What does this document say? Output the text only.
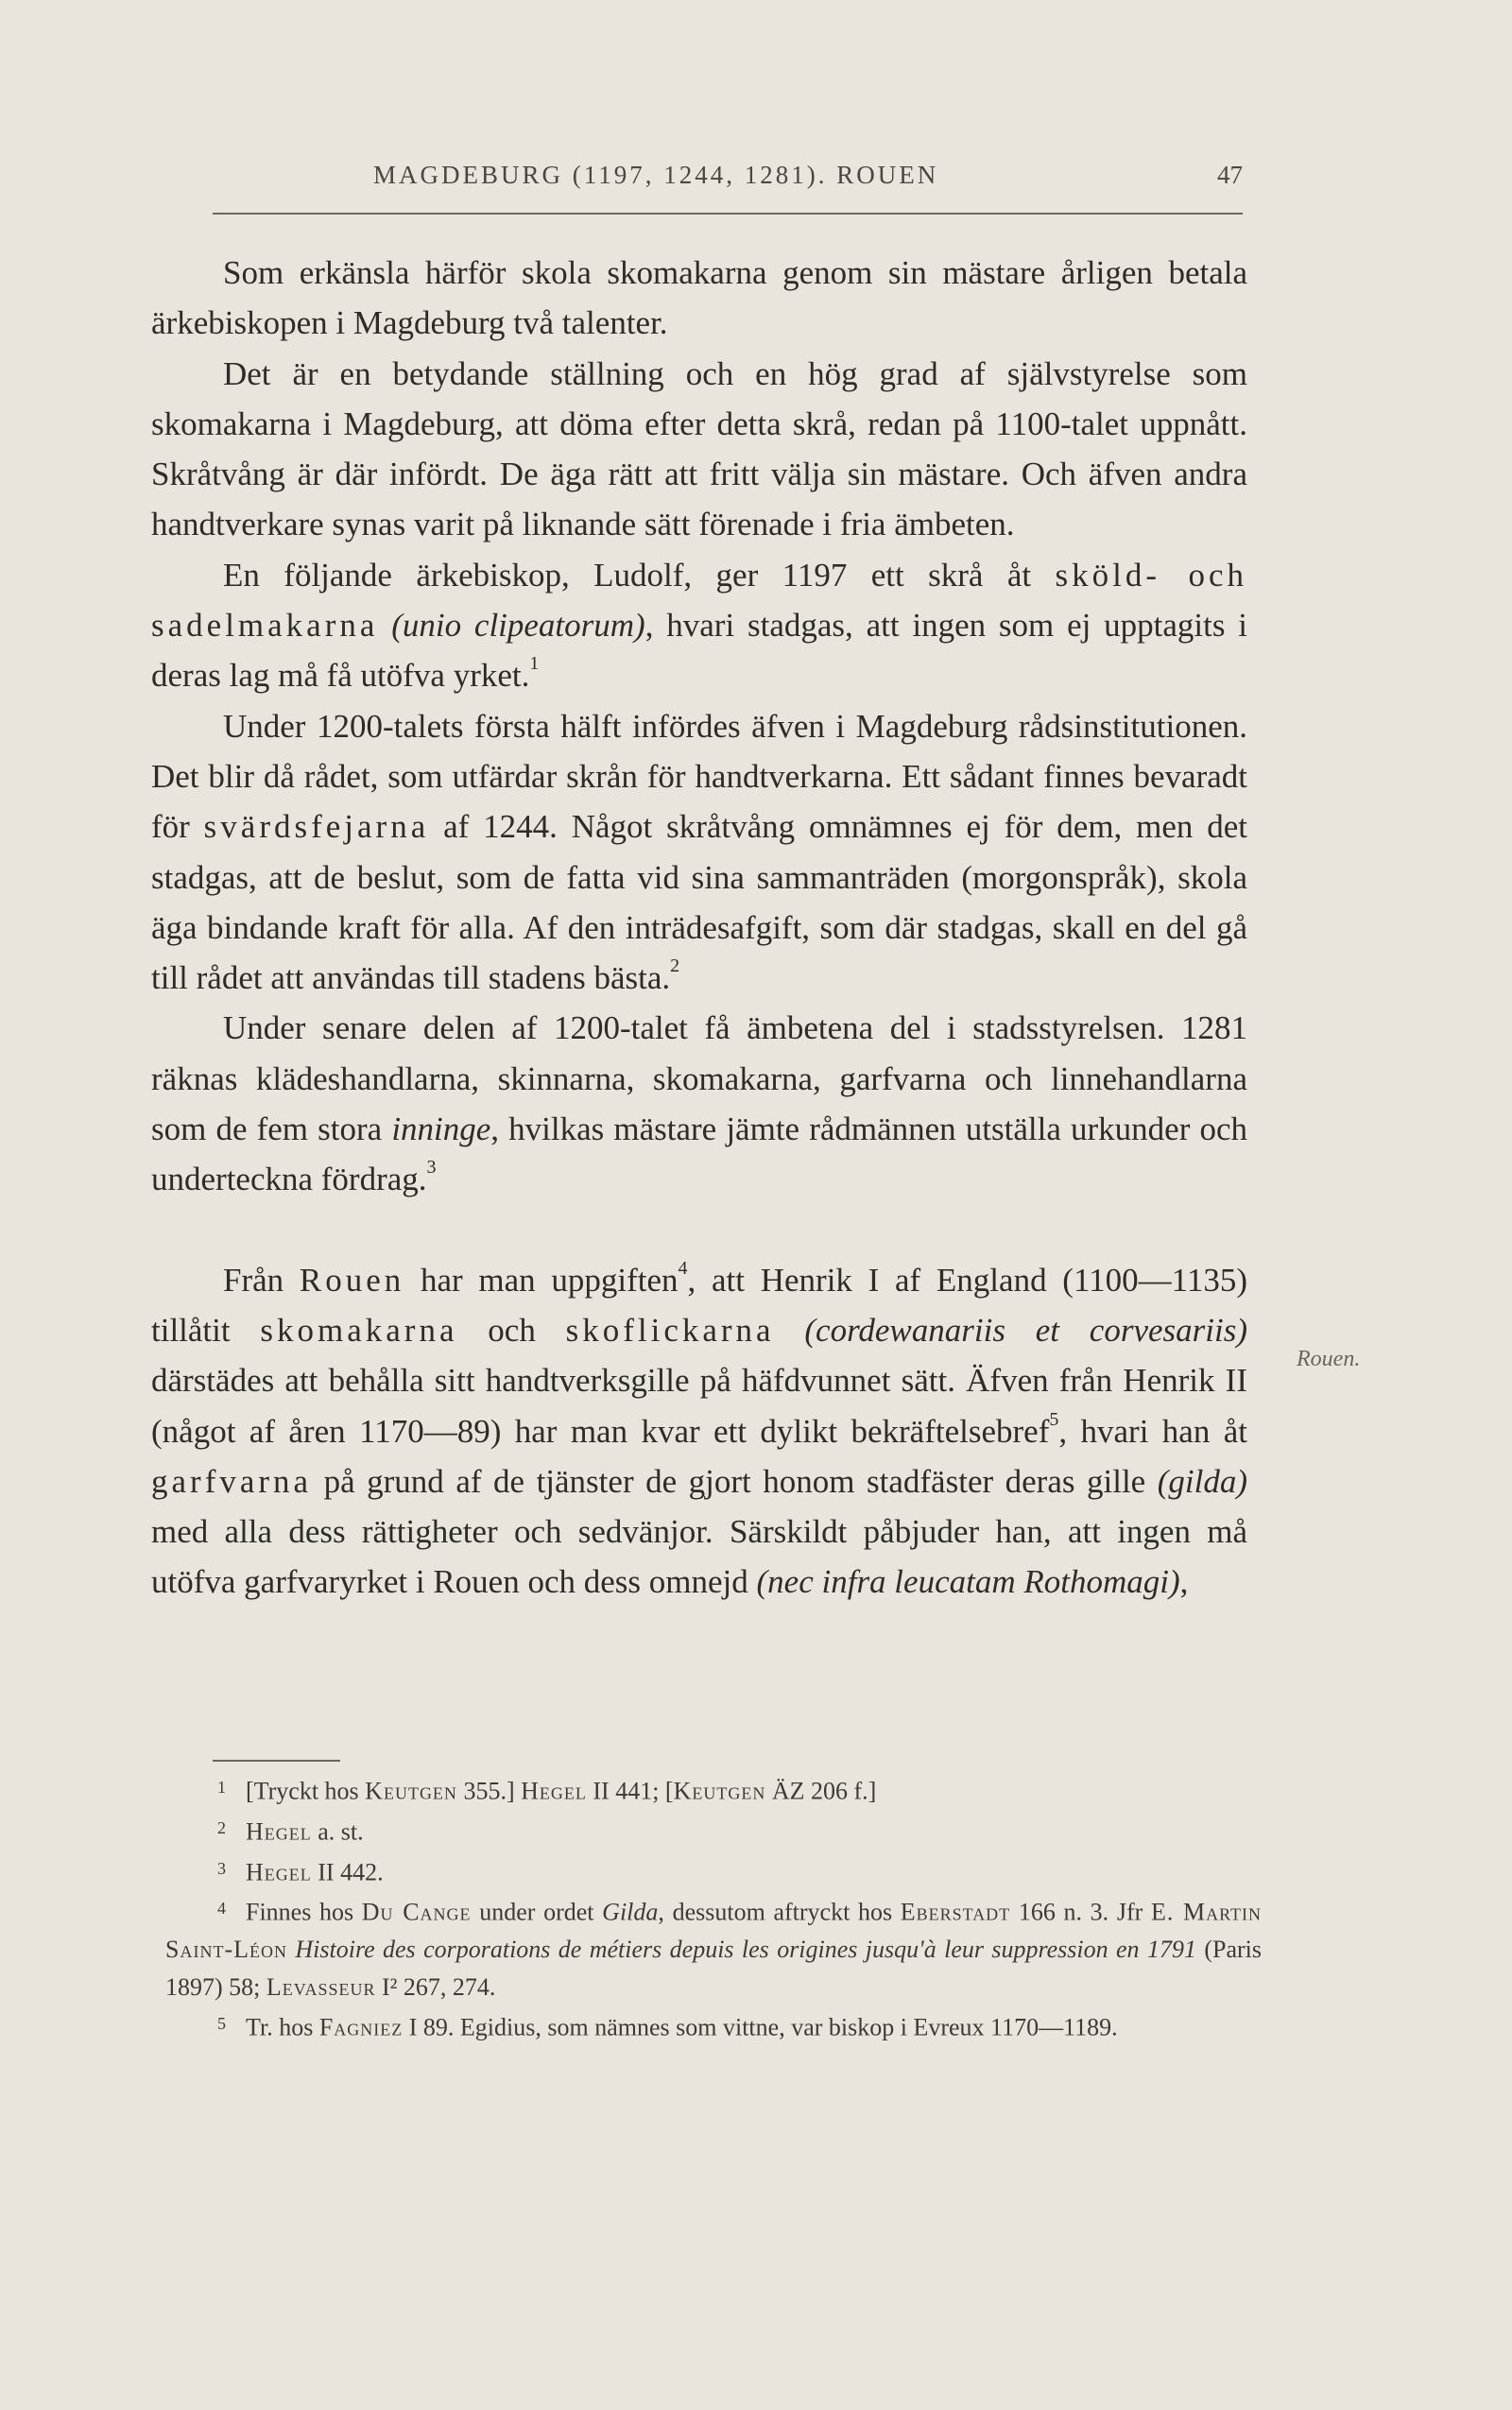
MAGDEBURG (1197, 1244, 1281). ROUEN	47
Rouen.

Som erkänsla härför skola skomakarna genom sin mästare årligen betala ärkebiskopen i Magdeburg två talenter.

Det är en betydande ställning och en hög grad af självstyrelse som skomakarna i Magdeburg, att döma efter detta skrå, redan på 1100-talet uppnått. Skråtvång är där infördt. De äga rätt att fritt välja sin mästare. Och äfven andra handtverkare synas varit på liknande sätt förenade i fria ämbeten.

En följande ärkebiskop, Ludolf, ger 1197 ett skrå åt sköld- och sadelmakarna (unio clipeatorum), hvari stadgas, att ingen som ej upptagits i deras lag må få utöfva yrket.$^1$

Under 1200-talets första hälft infördes äfven i Magdeburg rådsinstitutionen. Det blir då rådet, som utfärdar skrån för handtverkarna. Ett sådant finnes bevaradt för svärdsfejarna af 1244. Något skråtvång omnämnes ej för dem, men det stadgas, att de beslut, som de fatta vid sina sammanträden (morgonspråk), skola äga bindande kraft för alla. Af den inträdesafgift, som där stadgas, skall en del gå till rådet att användas till stadens bästa.$^2$

Under senare delen af 1200-talet få ämbetena del i stadsstyrelsen. 1281 räknas klädeshandlarna, skinnarna, skomakarna, garfvarna och linnehandlarna som de fem stora inninge, hvilkas mästare jämte rådmännen utställa urkunder och underteckna fördrag.$^3$

Från Rouen har man uppgiften$^4$, att Henrik I af England (1100—1135) tillåtit skomakarna och skoflickarna (cordewanariis et corvesariis) därstädes att behålla sitt handtverksgille på häfdvunnet sätt. Äfven från Henrik II (något af åren 1170—89) har man kvar ett dylikt bekräftelsebref$^5$, hvari han åt garfvarna på grund af de tjänster de gjort honom stadfäster deras gille (gilda) med alla dess rättigheter och sedvänjor. Särskildt påbjuder han, att ingen må utöfva garfvaryrket i Rouen och dess omnejd (nec infra leucatam Rothomagi),

1 [Tryckt hos Keutgen 355.] Hegel II 441; [Keutgen ÄZ 206 f.]

2 Hegel a. st.

3 Hegel II 442.

4 Finnes hos Du Cange under ordet Gilda, dessutom aftryckt hos Eberstadt 166 n. 3. Jfr E. Martin Saint-Léon Histoire des corporations de métiers depuis les origines jusqu'à leur suppression en 1791 (Paris 1897) 58; Levasseur I² 267, 274.

5 Tr. hos Fagniez I 89. Egidius, som nämnes som vittne, var biskop i Evreux 1170—1189.
